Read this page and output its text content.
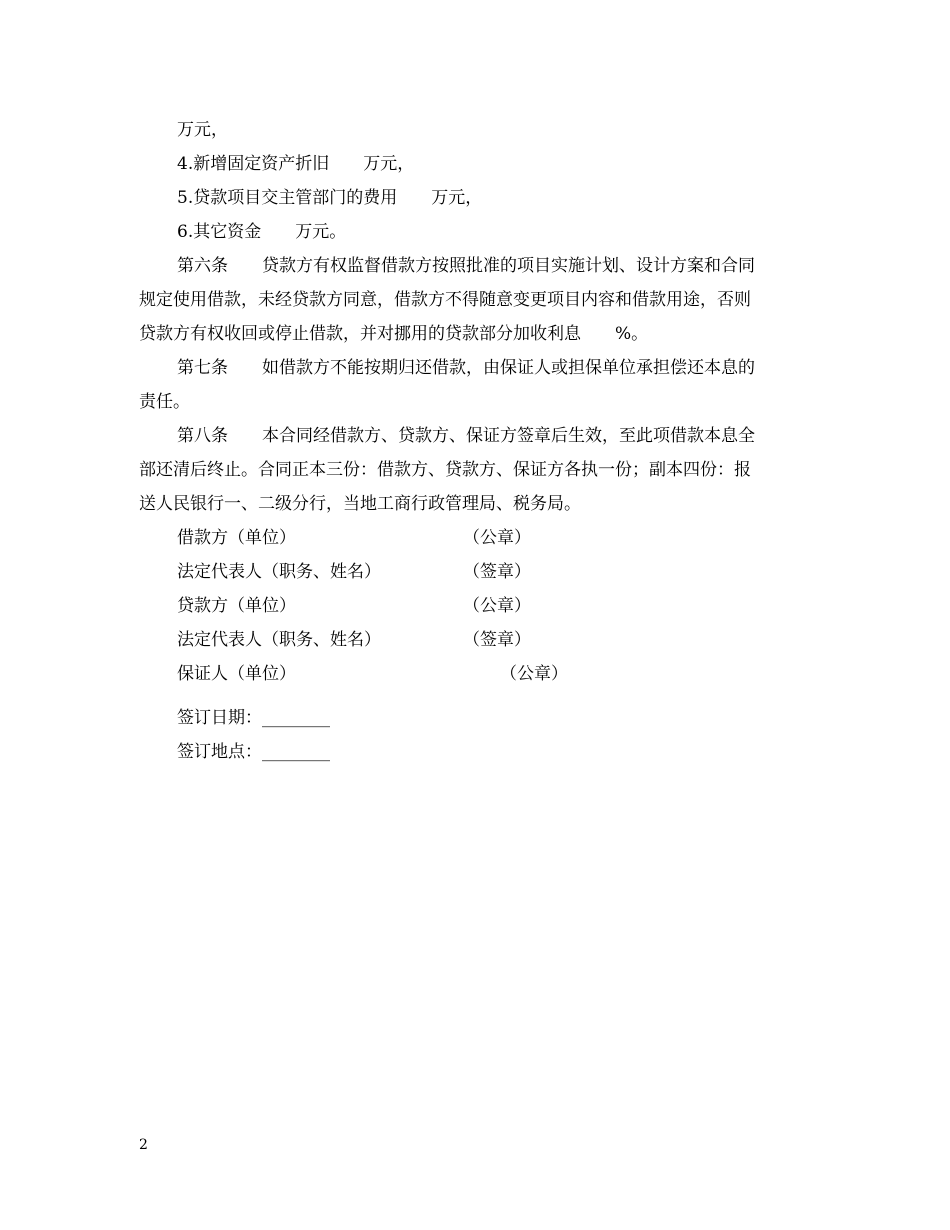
万元，
4.新增固定资产折旧　　万元，
5.贷款项目交主管部门的费用　　万元，
6.其它资金　　万元。
第六条　　贷款方有权监督借款方按照批准的项目实施计划、设计方案和合同
规定使用借款，未经贷款方同意，借款方不得随意变更项目内容和借款用途，否则
贷款方有权收回或停止借款，并对挪用的贷款部分加收利息　　%。
第七条　　如借款方不能按期归还借款，由保证人或担保单位承担偿还本息的
责任。
第八条　　本合同经借款方、贷款方、保证方签章后生效，至此项借款本息全
部还清后终止。合同正本三份：借款方、贷款方、保证方各执一份；副本四份：报
送人民银行一、二级分行，当地工商行政管理局、税务局。
借款方（单位）	（公章）
法定代表人（职务、姓名）	（签章）
贷款方（单位）	（公章）
法定代表人（职务、姓名）	（签章）
保证人（单位）	（公章）
签订日期：________
签订地点：________
2
